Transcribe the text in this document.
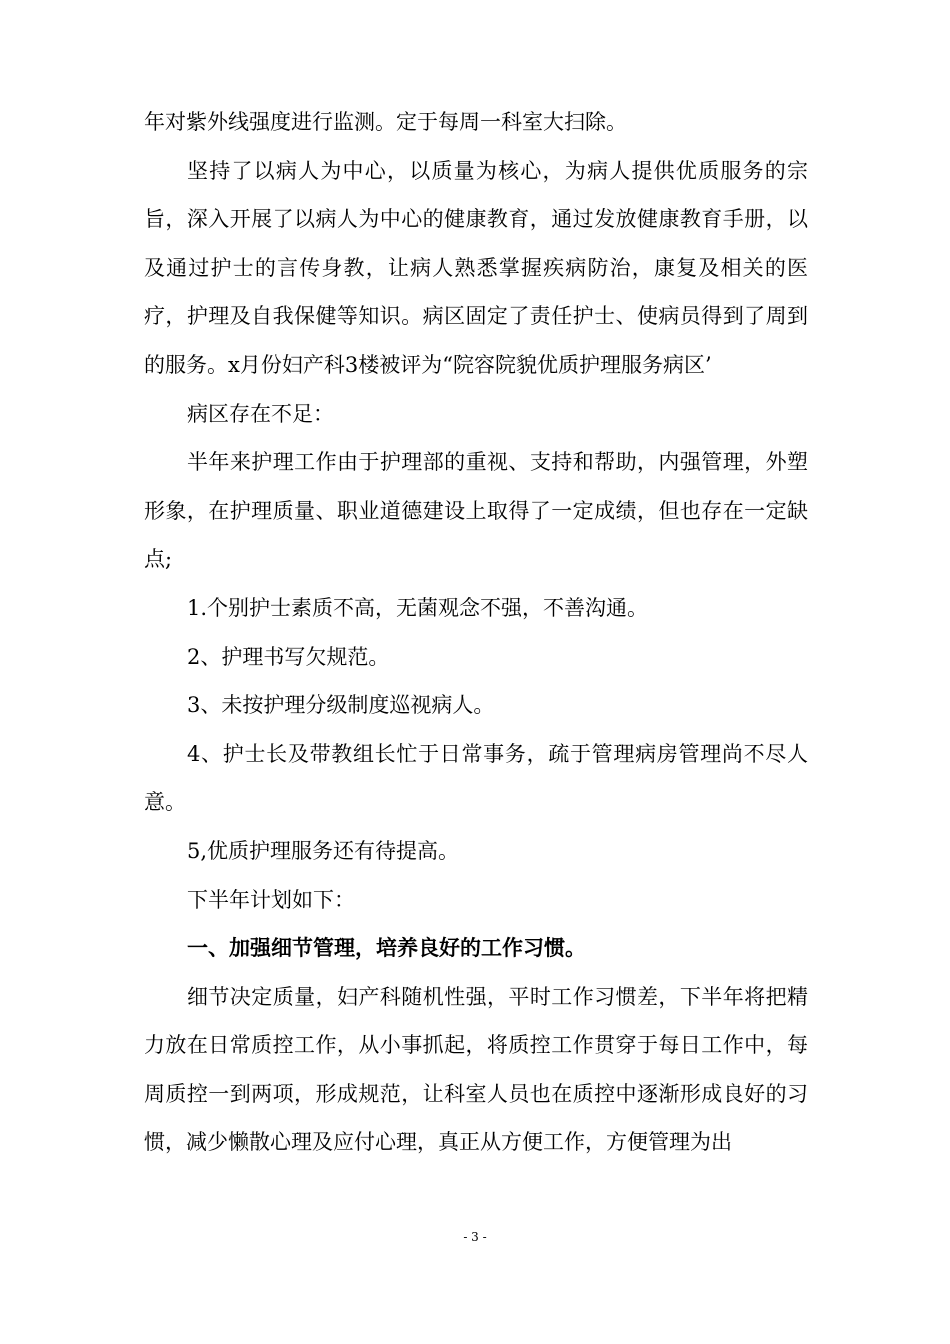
年对紫外线强度进行监测。定于每周一科室大扫除。

坚持了以病人为中心，以质量为核心，为病人提供优质服务的宗旨，深入开展了以病人为中心的健康教育，通过发放健康教育手册，以及通过护士的言传身教，让病人熟悉掌握疾病防治，康复及相关的医疗，护理及自我保健等知识。病区固定了责任护士、使病员得到了周到的服务。x月份妇产科3楼被评为“院容院貌优质护理服务病区’

病区存在不足：

半年来护理工作由于护理部的重视、支持和帮助，内强管理，外塑形象，在护理质量、职业道德建设上取得了一定成绩，但也存在一定缺点;

1.个别护士素质不高，无菌观念不强，不善沟通。

2、护理书写欠规范。

3、未按护理分级制度巡视病人。

4、护士长及带教组长忙于日常事务，疏于管理病房管理尚不尽人意。

5,优质护理服务还有待提高。

下半年计划如下：

一、加强细节管理，培养良好的工作习惯。

细节决定质量，妇产科随机性强，平时工作习惯差，下半年将把精力放在日常质控工作，从小事抓起，将质控工作贯穿于每日工作中，每周质控一到两项，形成规范，让科室人员也在质控中逐渐形成良好的习惯，减少懒散心理及应付心理，真正从方便工作，方便管理为出

- 3 -
